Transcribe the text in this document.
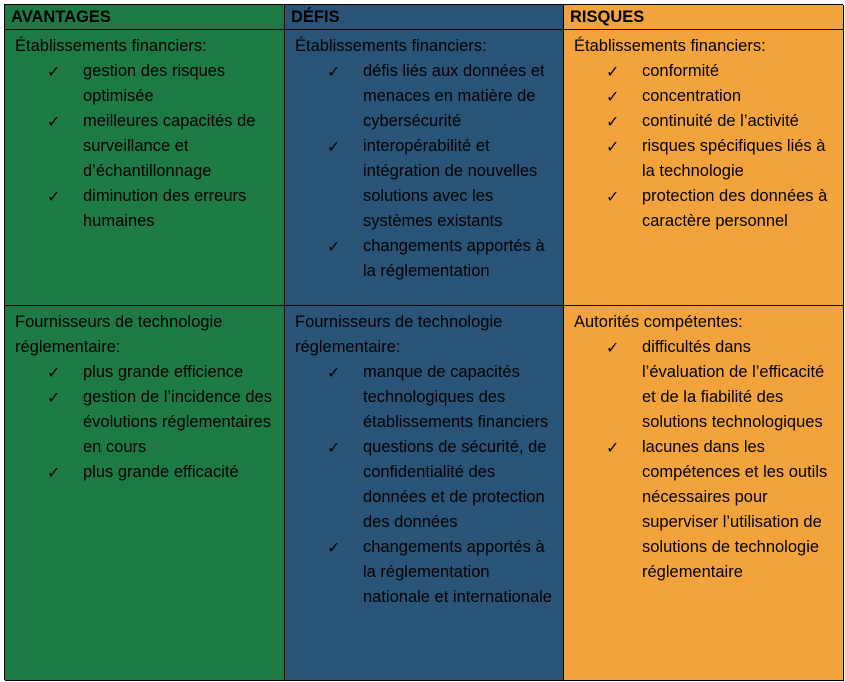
AVANTAGES	DÉFIS	RISQUES
Établissements financiers:
✓ gestion des risques optimisée
✓ meilleures capacités de surveillance et d’échantillonnage
✓ diminution des erreurs humaines
Établissements financiers:
✓ défis liés aux données et menaces en matière de cybersécurité
✓ interopérabilité et intégration de nouvelles solutions avec les systèmes existants
✓ changements apportés à la réglementation
Établissements financiers:
✓ conformité
✓ concentration
✓ continuité de l’activité
✓ risques spécifiques liés à la technologie
✓ protection des données à caractère personnel
Fournisseurs de technologie réglementaire:
✓ plus grande efficience
✓ gestion de l’incidence des évolutions réglementaires en cours
✓ plus grande efficacité
Fournisseurs de technologie réglementaire:
✓ manque de capacités technologiques des établissements financiers
✓ questions de sécurité, de confidentialité des données et de protection des données
✓ changements apportés à la réglementation nationale et internationale
Autorités compétentes:
✓ difficultés dans l’évaluation de l’efficacité et de la fiabilité des solutions technologiques
✓ lacunes dans les compétences et les outils nécessaires pour superviser l’utilisation de solutions de technologie réglementaire
